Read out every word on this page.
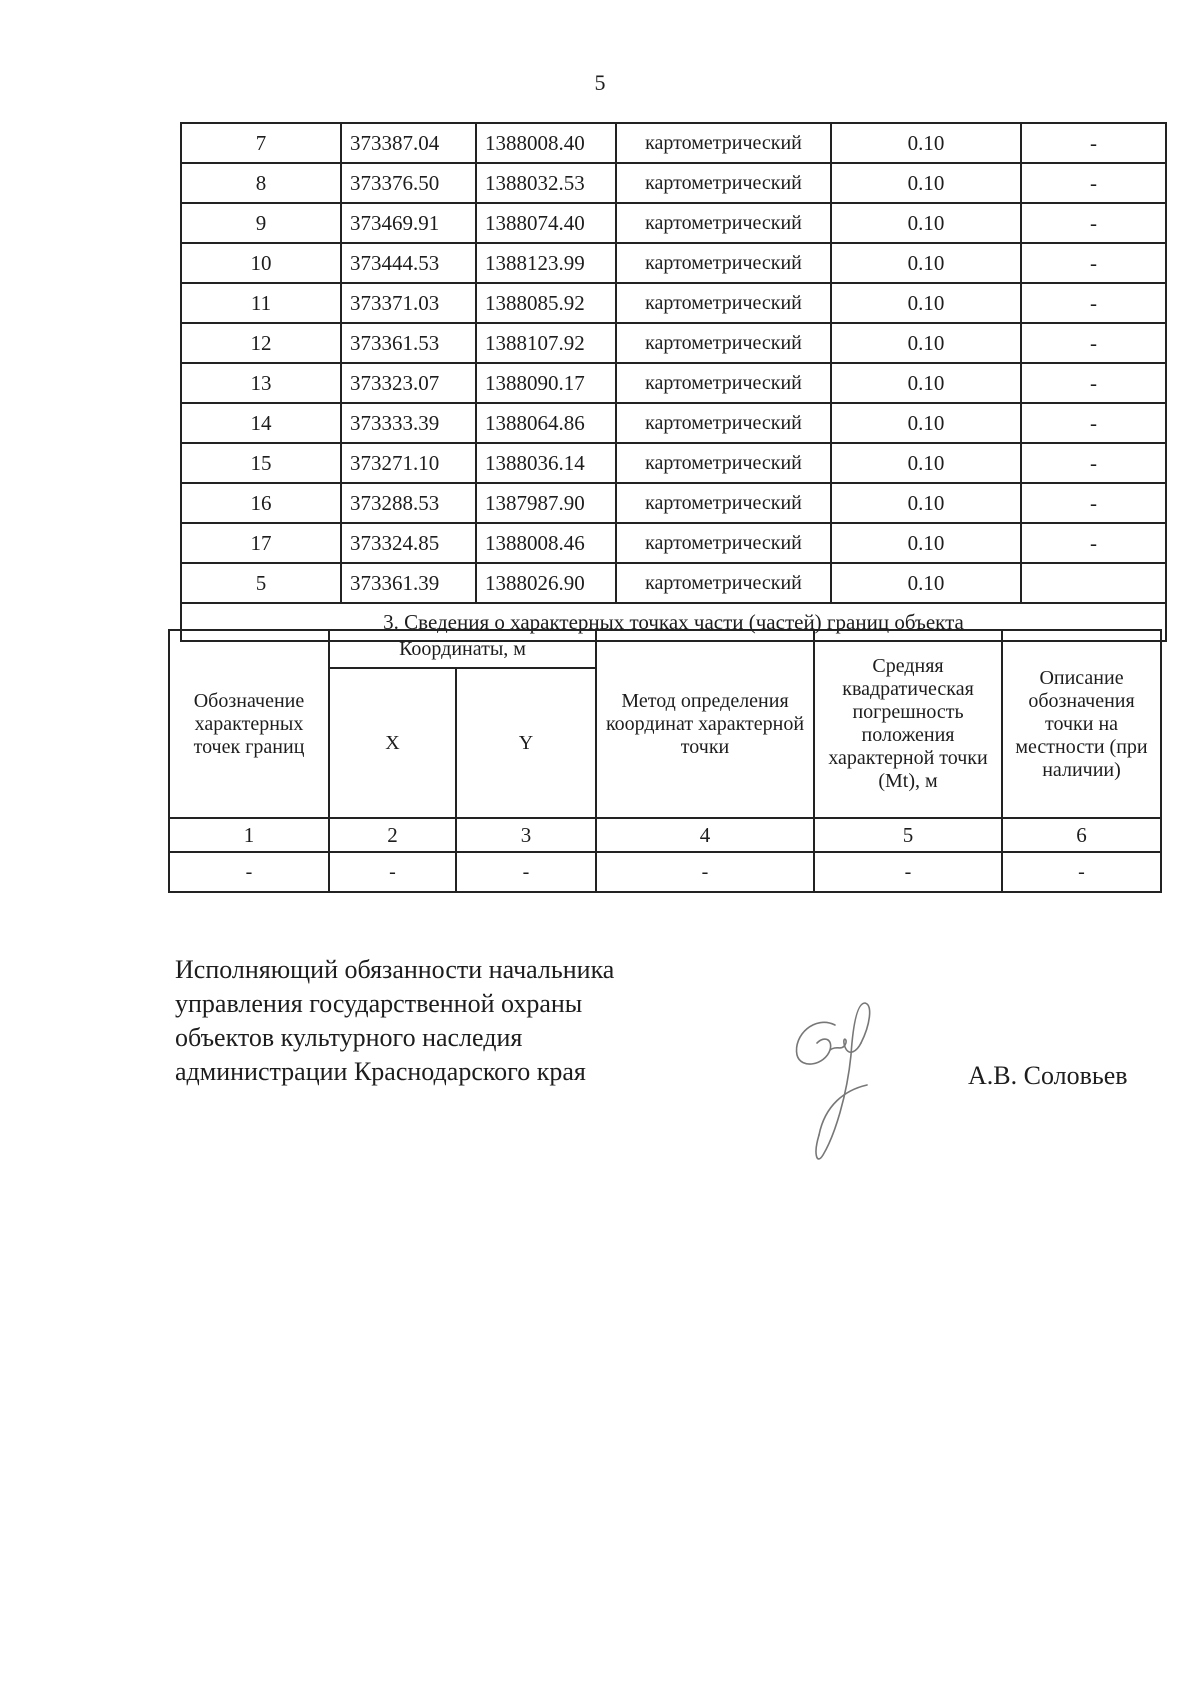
5
7	373387.04	1388008.40	картометрический	0.10	-
8	373376.50	1388032.53	картометрический	0.10	-
9	373469.91	1388074.40	картометрический	0.10	-
10	373444.53	1388123.99	картометрический	0.10	-
11	373371.03	1388085.92	картометрический	0.10	-
12	373361.53	1388107.92	картометрический	0.10	-
13	373323.07	1388090.17	картометрический	0.10	-
14	373333.39	1388064.86	картометрический	0.10	-
15	373271.10	1388036.14	картометрический	0.10	-
16	373288.53	1387987.90	картометрический	0.10	-
17	373324.85	1388008.46	картометрический	0.10	-
5	373361.39	1388026.90	картометрический	0.10	
3. Сведения о характерных точках части (частей) границ объекта					
Обозначение характерных точек границ	Координаты, м		Метод определения координат характерной точки	Средняя квадратическая погрешность положения характерной точки (Mt), м	Описание обозначения точки на местности (при наличии)
	X	Y			
1	2	3	4	5	6
-	-	-	-	-	-
Исполняющий обязанности начальника
управления государственной охраны
объектов культурного наследия
администрации Краснодарского края	А.В. Соловьев
